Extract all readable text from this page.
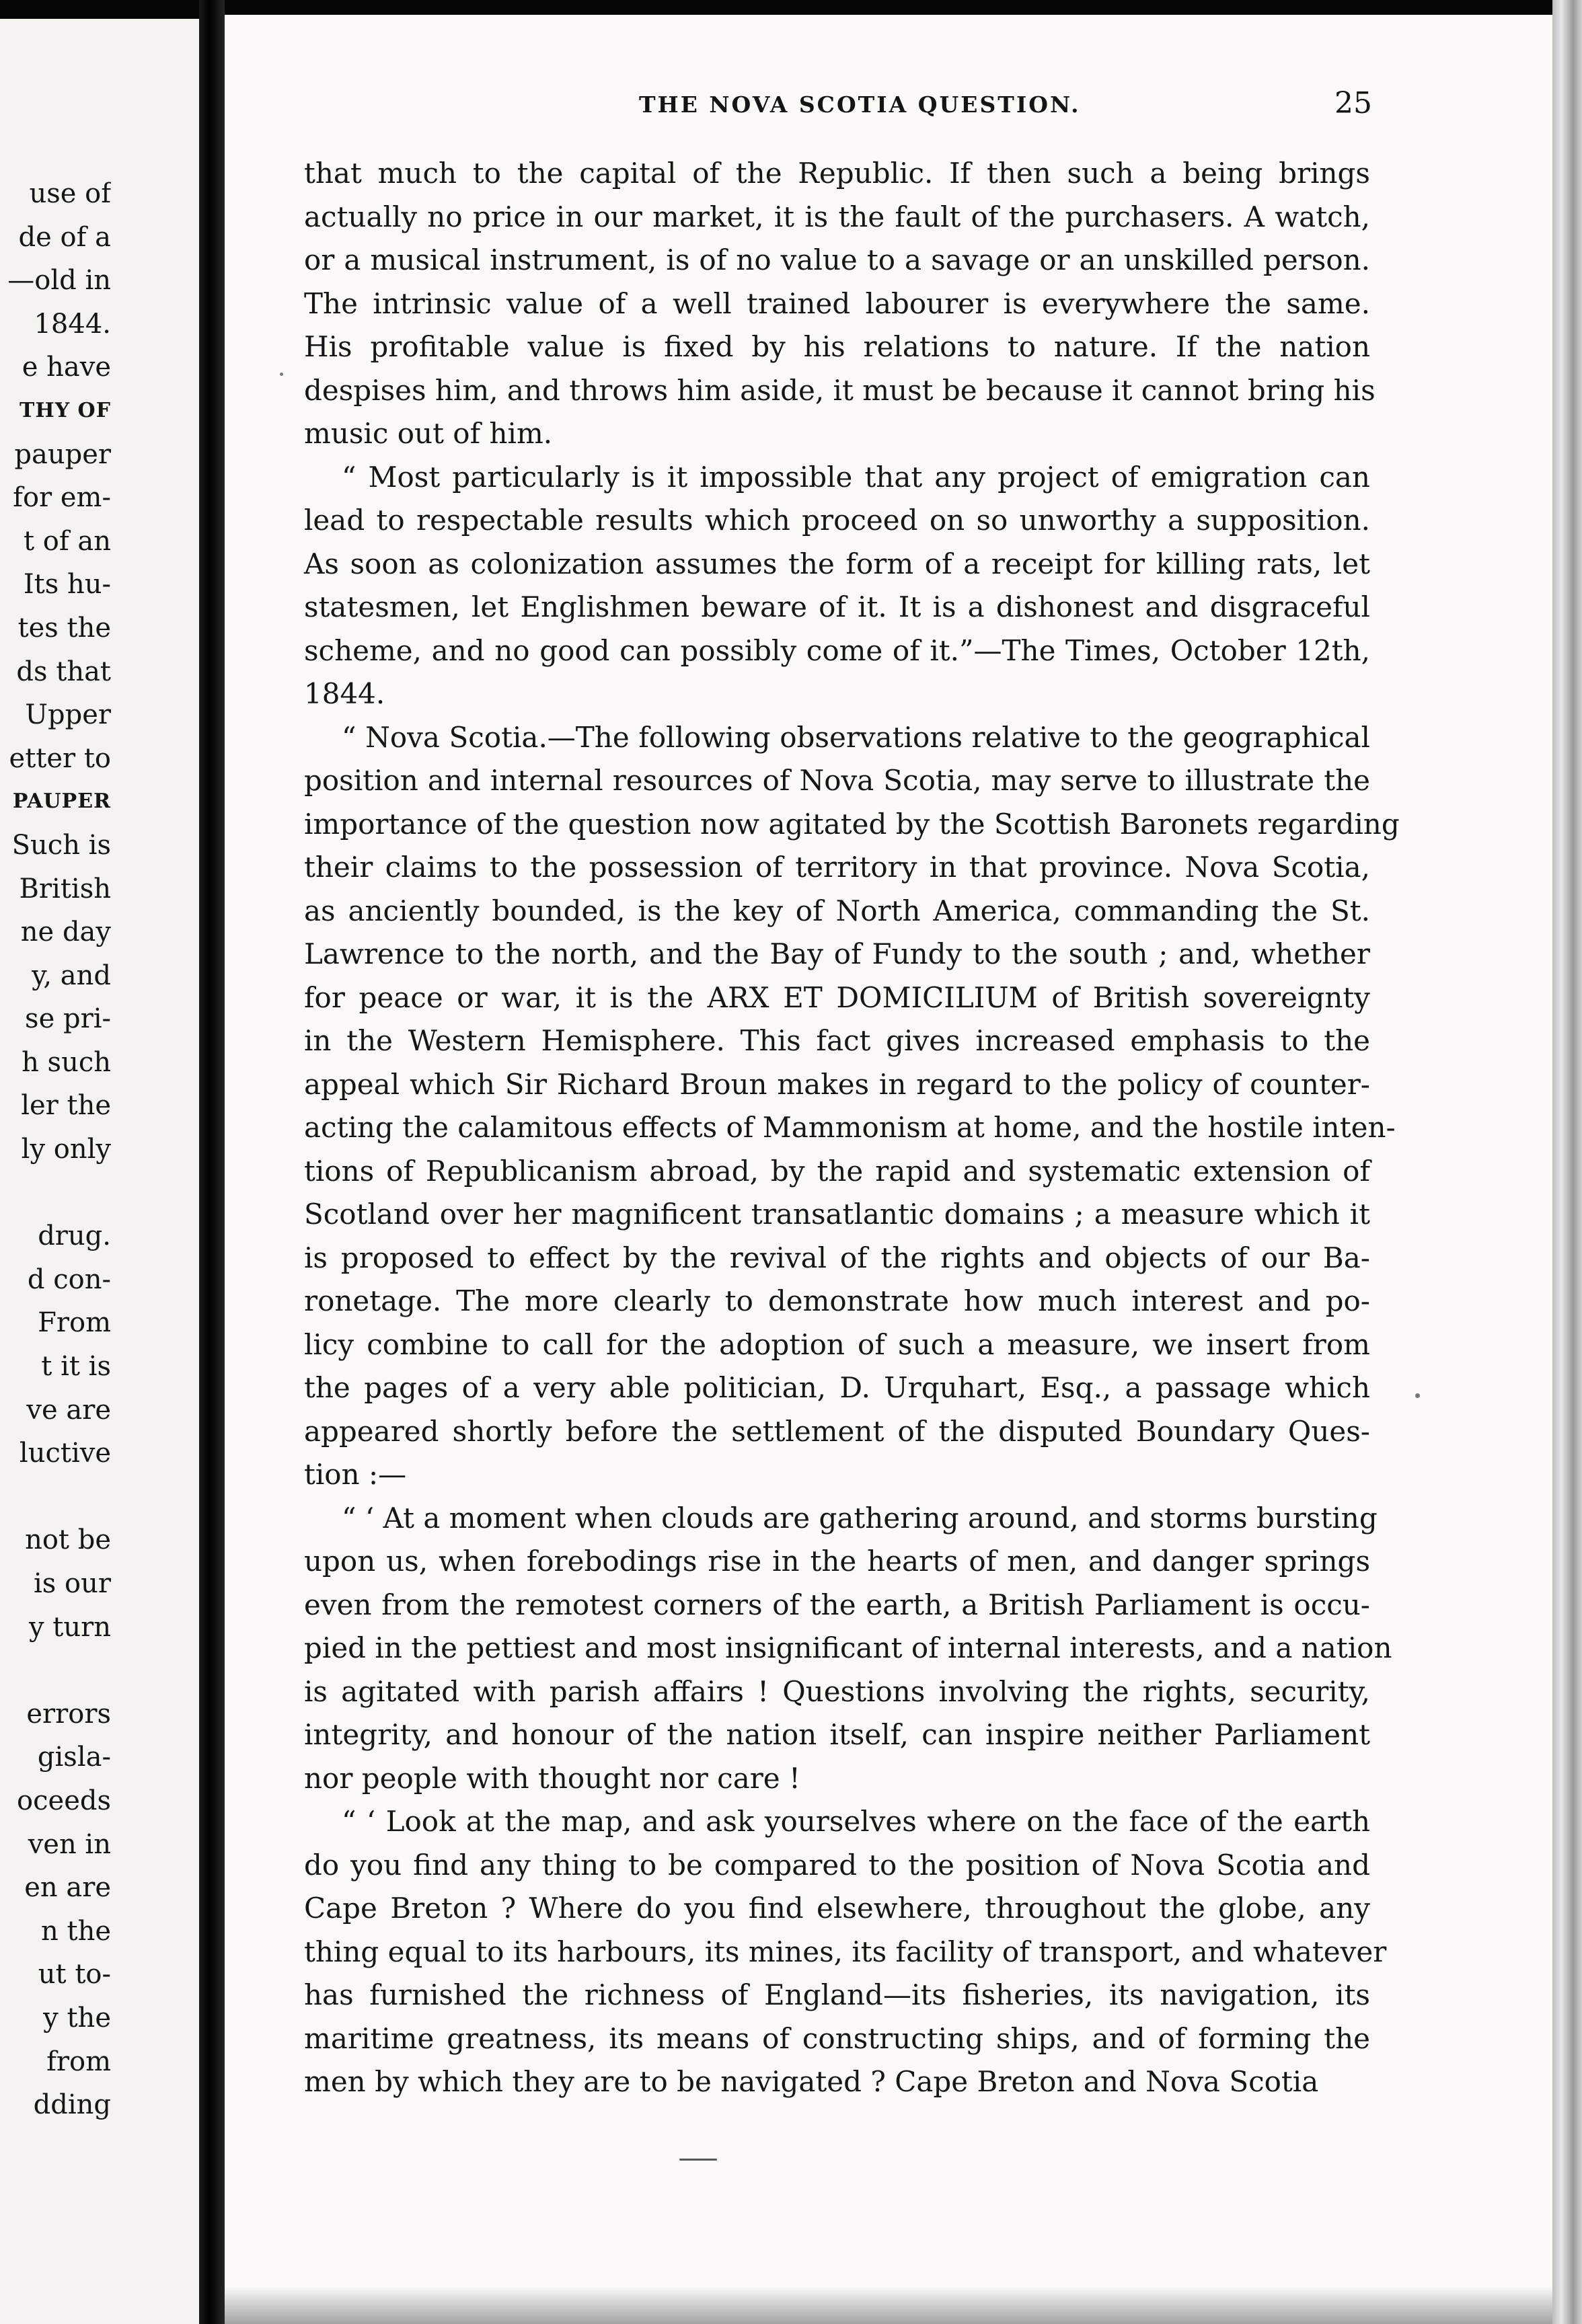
use of
de of a
—old in
1844.
e have
THY OF
pauper
for em-
t of an
Its hu-
tes the
ds that
Upper
etter to
PAUPER
Such is
British
ne day
y, and
se pri-
h such
ler the
ly only
drug.
d con-
From
t it is
ve are
luctive
not be
is our
y turn
errors
gisla-
oceeds
ven in
en are
n the
ut to-
y the
from
dding
THE NOVA SCOTIA QUESTION.	25
that much to the capital of the Republic. If then such a being brings
actually no price in our market, it is the fault of the purchasers. A watch,
or a musical instrument, is of no value to a savage or an unskilled person.
The intrinsic value of a well trained labourer is everywhere the same.
His profitable value is fixed by his relations to nature. If the nation
despises him, and throws him aside, it must be because it cannot bring his
music out of him.
“ Most particularly is it impossible that any project of emigration can
lead to respectable results which proceed on so unworthy a supposition.
As soon as colonization assumes the form of a receipt for killing rats, let
statesmen, let Englishmen beware of it. It is a dishonest and disgraceful
scheme, and no good can possibly come of it.”—The Times, October 12th,
1844.
“ Nova Scotia.—The following observations relative to the geographical
position and internal resources of Nova Scotia, may serve to illustrate the
importance of the question now agitated by the Scottish Baronets regarding
their claims to the possession of territory in that province. Nova Scotia,
as anciently bounded, is the key of North America, commanding the St.
Lawrence to the north, and the Bay of Fundy to the south ; and, whether
for peace or war, it is the ARX ET DOMICILIUM of British sovereignty
in the Western Hemisphere. This fact gives increased emphasis to the
appeal which Sir Richard Broun makes in regard to the policy of counter-
acting the calamitous effects of Mammonism at home, and the hostile inten-
tions of Republicanism abroad, by the rapid and systematic extension of
Scotland over her magnificent transatlantic domains ; a measure which it
is proposed to effect by the revival of the rights and objects of our Ba-
ronetage. The more clearly to demonstrate how much interest and po-
licy combine to call for the adoption of such a measure, we insert from
the pages of a very able politician, D. Urquhart, Esq., a passage which
appeared shortly before the settlement of the disputed Boundary Ques-
tion :—
“ ‘ At a moment when clouds are gathering around, and storms bursting
upon us, when forebodings rise in the hearts of men, and danger springs
even from the remotest corners of the earth, a British Parliament is occu-
pied in the pettiest and most insignificant of internal interests, and a nation
is agitated with parish affairs ! Questions involving the rights, security,
integrity, and honour of the nation itself, can inspire neither Parliament
nor people with thought nor care !
“ ‘ Look at the map, and ask yourselves where on the face of the earth
do you find any thing to be compared to the position of Nova Scotia and
Cape Breton ? Where do you find elsewhere, throughout the globe, any
thing equal to its harbours, its mines, its facility of transport, and whatever
has furnished the richness of England—its fisheries, its navigation, its
maritime greatness, its means of constructing ships, and of forming the
men by which they are to be navigated ? Cape Breton and Nova Scotia
